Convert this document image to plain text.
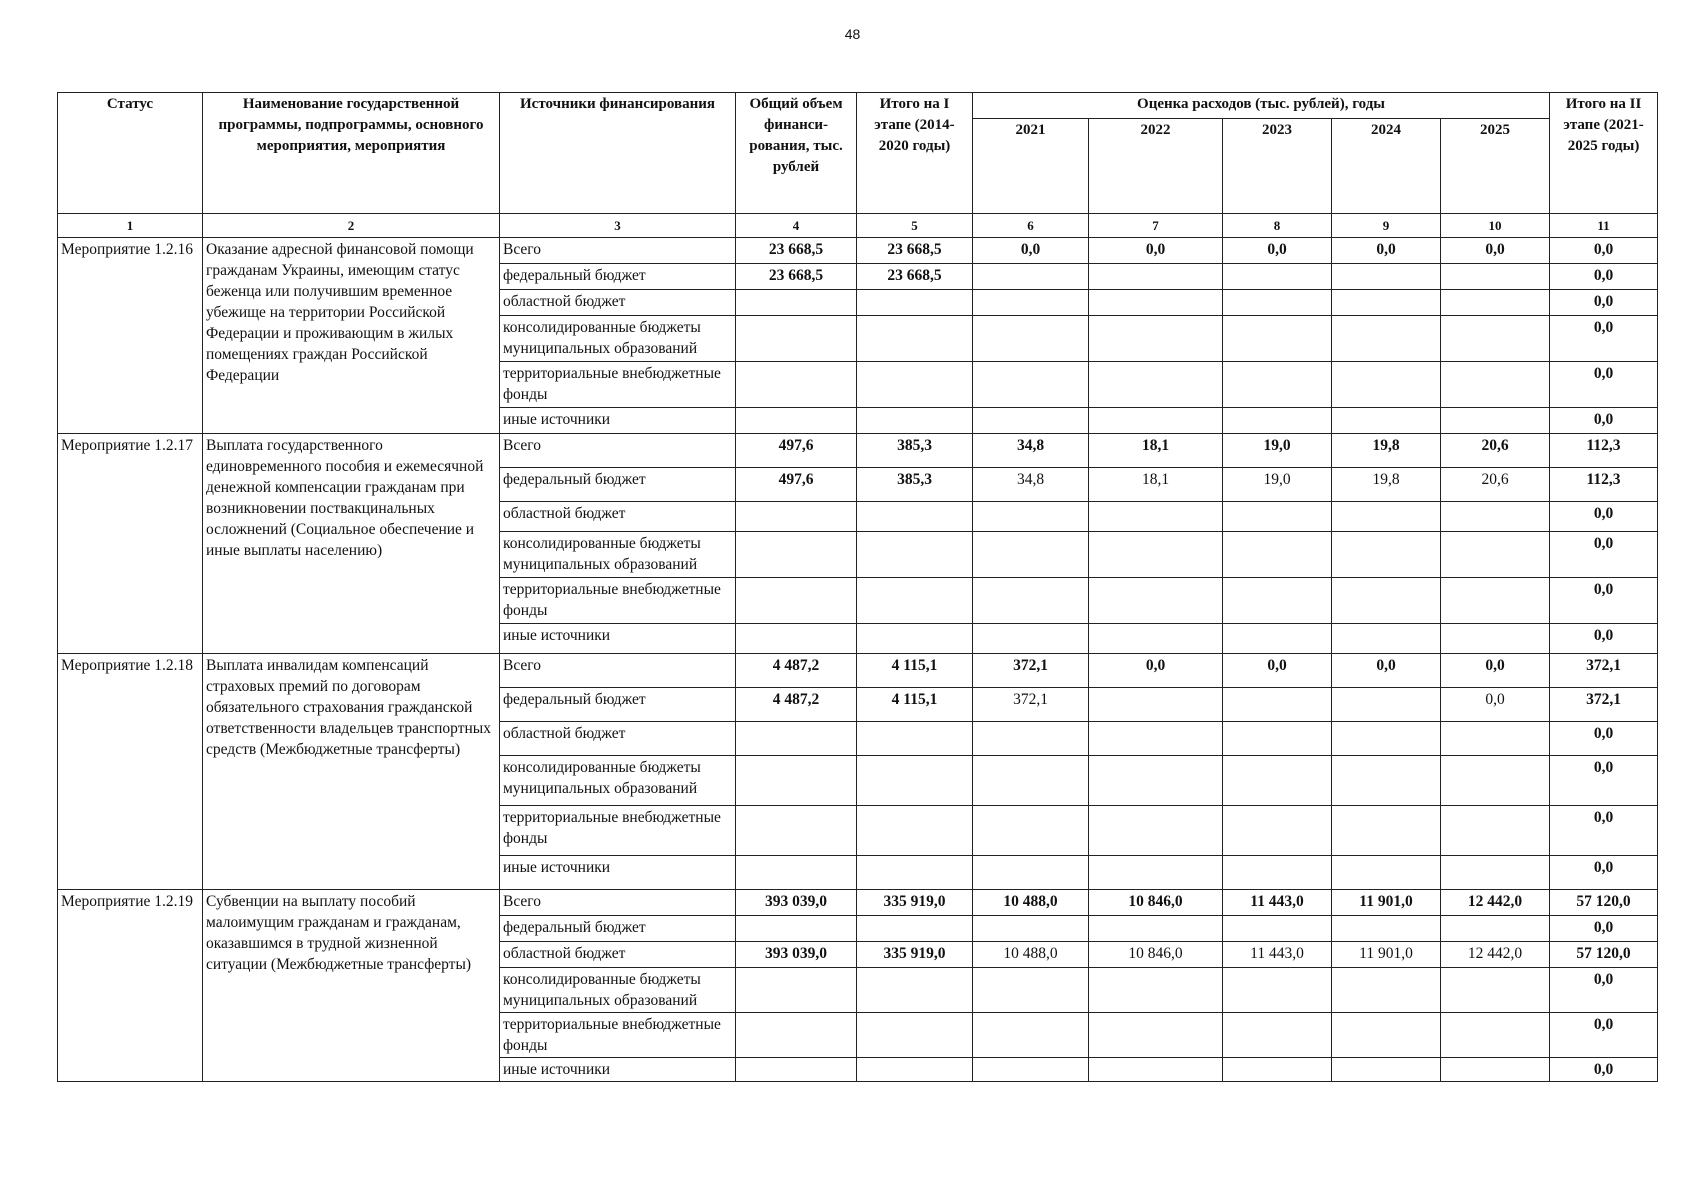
48
Статус	Наименование государственной программы, подпрограммы, основного мероприятия, мероприятия	Источники финансирования	Общий объем финанси-рования, тыс. рублей	Итого на I этапе (2014-2020 годы)	Оценка расходов (тыс. рублей), годы					Итого на II этапе (2021-2025 годы)
					2021	2022	2023	2024	2025	
1	2	3	4	5	6	7	8	9	10	11
Мероприятие 1.2.16	Оказание адресной финансовой помощи гражданам Украины, имеющим статус беженца или получившим временное убежище на территории Российской Федерации и проживающим в жилых помещениях граждан Российской Федерации	Всего	23 668,5	23 668,5	0,0	0,0	0,0	0,0	0,0	0,0
		федеральный бюджет	23 668,5	23 668,5						0,0
		областной бюджет								0,0
		консолидированные бюджеты муниципальных образований								0,0
		территориальные внебюджетные фонды								0,0
		иные источники								0,0
Мероприятие 1.2.17	Выплата государственного единовременного пособия и ежемесячной денежной компенсации гражданам при возникновении поствакцинальных осложнений (Социальное обеспечение и иные выплаты населению)	Всего	497,6	385,3	34,8	18,1	19,0	19,8	20,6	112,3
		федеральный бюджет	497,6	385,3	34,8	18,1	19,0	19,8	20,6	112,3
		областной бюджет								0,0
		консолидированные бюджеты муниципальных образований								0,0
		территориальные внебюджетные фонды								0,0
		иные источники								0,0
Мероприятие 1.2.18	Выплата инвалидам компенсаций страховых премий по договорам обязательного страхования гражданской ответственности владельцев транспортных средств (Межбюджетные трансферты)	Всего	4 487,2	4 115,1	372,1	0,0	0,0	0,0	0,0	372,1
		федеральный бюджет	4 487,2	4 115,1	372,1				0,0	372,1
		областной бюджет								0,0
		консолидированные бюджеты муниципальных образований								0,0
		территориальные внебюджетные фонды								0,0
		иные источники								0,0
Мероприятие 1.2.19	Субвенции на выплату пособий малоимущим гражданам и гражданам, оказавшимся в трудной жизненной ситуации (Межбюджетные трансферты)	Всего	393 039,0	335 919,0	10 488,0	10 846,0	11 443,0	11 901,0	12 442,0	57 120,0
		федеральный бюджет								0,0
		областной бюджет	393 039,0	335 919,0	10 488,0	10 846,0	11 443,0	11 901,0	12 442,0	57 120,0
		консолидированные бюджеты муниципальных образований								0,0
		территориальные внебюджетные фонды								0,0
		иные источники								0,0
